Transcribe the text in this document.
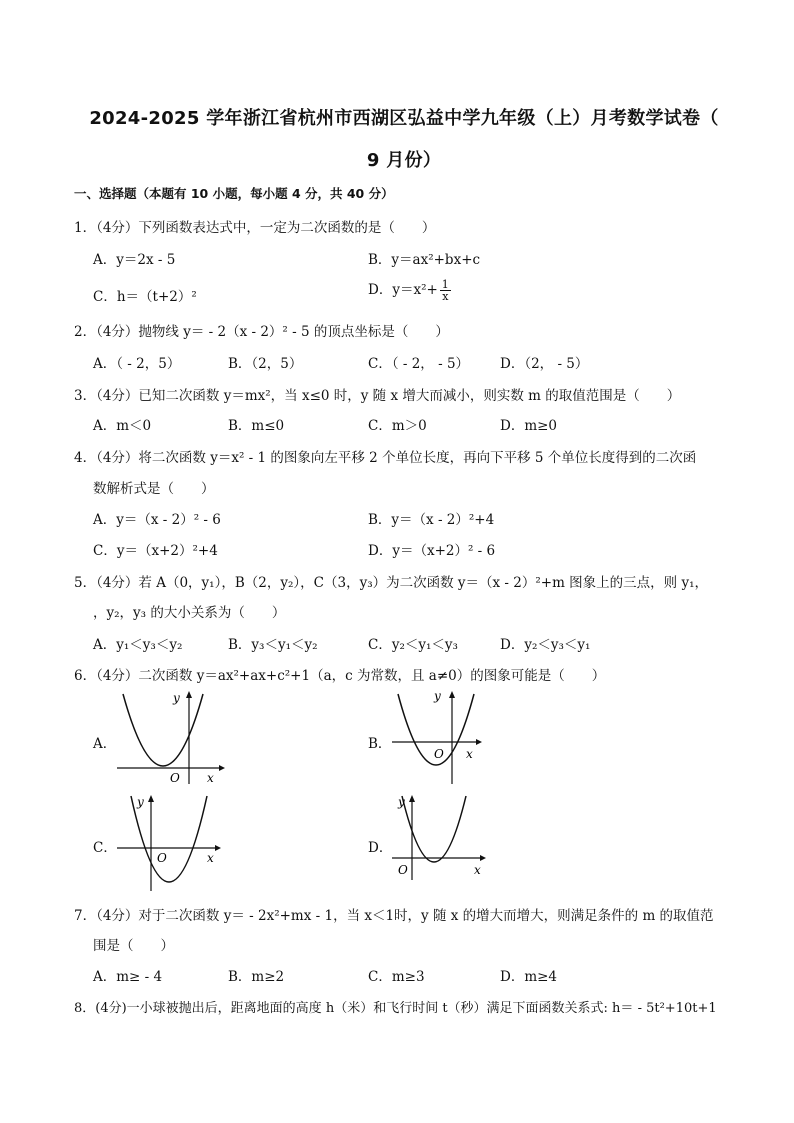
2024-2025 学年浙江省杭州市西湖区弘益中学九年级（上）月考数学试卷（
9 月份）
一、选择题（本题有 10 小题，每小题 4 分，共 40 分）
1．（4分）下列函数表达式中，一定为二次函数的是（　　）
A．y＝2x - 5	B．y＝ax²+bx+c
C．h＝（t+2）²	D．$y=x^2+ \frac{1}{x}$
2．（4分）抛物线 y＝ - 2（x - 2）² - 5 的顶点坐标是（　　）
A．（ - 2，5）	B．（2，5）	C．（ - 2， - 5） D．（2， - 5）
3．（4分）已知二次函数 y＝mx²，当 x≤0 时，y 随 x 增大而减小，则实数 m 的取值范围是（　　）
A．m＜0	B．m≤0	C．m＞0	D．m≥0
4．（4分）将二次函数 y＝x² - 1 的图象向左平移 2 个单位长度，再向下平移 5 个单位长度得到的二次函
数解析式是（　　）
A．y＝（x - 2）² - 6	B．y＝（x - 2）²+4
C．y＝（x+2）²+4	D．y＝（x+2）² - 6
5．（4分）若 A（0，y₁），B（2，y₂），C（3，y₃）为二次函数 y＝（x - 2）²+m 图象上的三点，则 y₁，
，y₂，y₃ 的大小关系为（　　）
A．y₁＜y₃＜y₂	B．y₃＜y₁＜y₂	C．y₂＜y₁＜y₃	D．y₂＜y₃＜y₁
6．（4分）二次函数 y＝ax²+ax+c²+1（a，c 为常数，且 a≠0）的图象可能是（　　）
A．
y
x
O
B．
y
x
O
C．
y
x
O
D．
y
x
O
7．（4分）对于二次函数 y＝ - 2x²+mx - 1，当 x＜1时，y 随 x 的增大而增大，则满足条件的 m 的取值范
围是（　　）
A．m≥ - 4	B．m≥2	C．m≥3	D．m≥4
8．(4分)一小球被抛出后，距离地面的高度 h（米）和飞行时间 t（秒）满足下面函数关系式: h＝ - 5t²+10t+1
